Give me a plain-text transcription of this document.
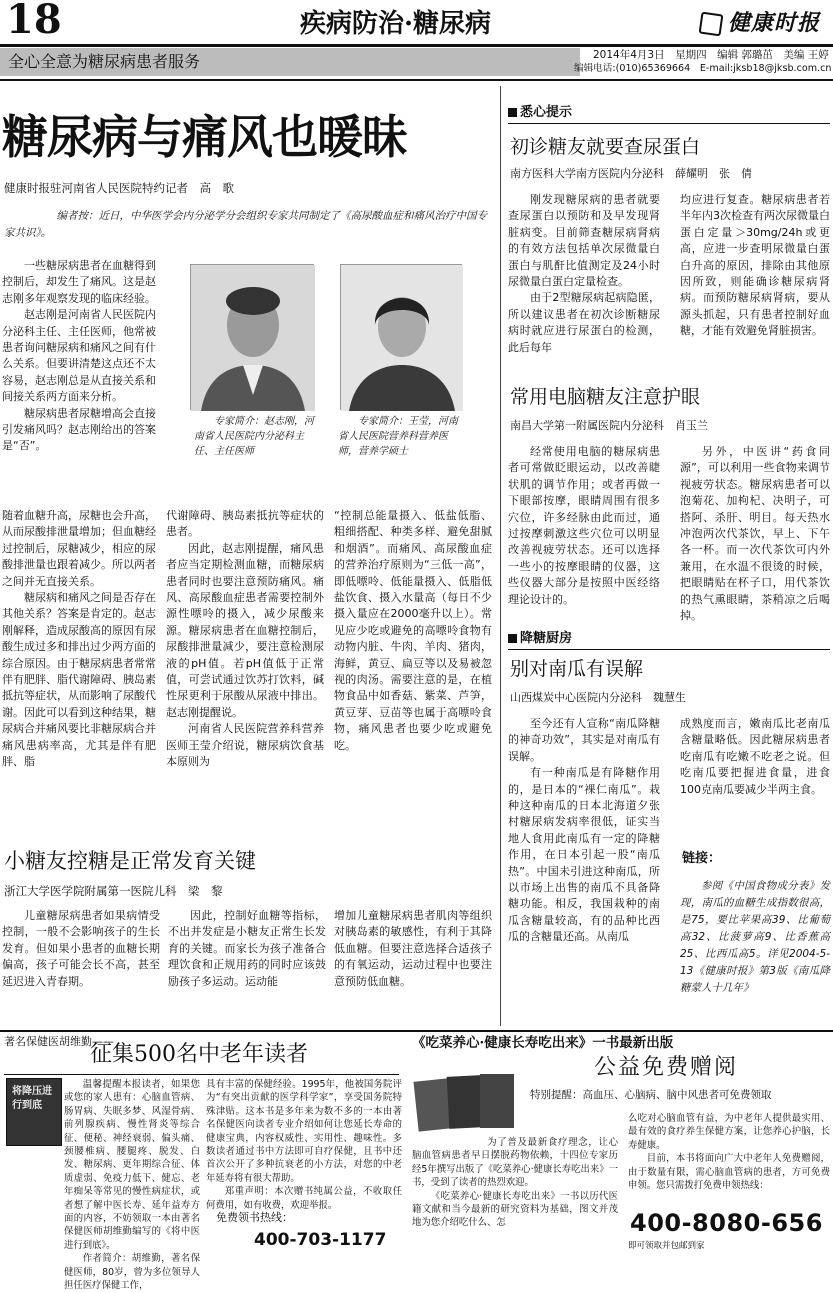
18	疾病防治·糖尿病	健康时报
全心全意为糖尿病患者服务	2014年4月3日　星期四　编辑 郭璐茁　美编 王婷
编辑电话:(010)65369664　E-mail:jksb18@jksb.com.cn
糖尿病与痛风也暖昧
健康时报驻河南省人民医院特约记者　高　歌
编者按：近日，中华医学会内分泌学分会组织专家共同制定了《高尿酸血症和痛风治疗中国专家共识》。
专家简介：赵志刚，河南省人民医院内分泌科主任、主任医师
专家简介：王莹，河南省人民医院营养科营养医师，营养学硕士

一些糖尿病患者在血糖得到控制后，却发生了痛风。这是赵志刚多年观察发现的临床经验。

赵志刚是河南省人民医院内分泌科主任、主任医师，他常被患者询问糖尿病和痛风之间有什么关系。但要讲清楚这点还不太容易，赵志刚总是从直接关系和间接关系两方面来分析。

糖尿病患者尿糖增高会直接引发痛风吗？赵志刚给出的答案是“否”。

随着血糖升高，尿糖也会升高，从而尿酸排泄量增加；但血糖经过控制后，尿糖减少，相应的尿酸排泄量也跟着减少。所以两者之间并无直接关系。

糖尿病和痛风之间是否存在其他关系？答案是肯定的。赵志刚解释，造成尿酸高的原因有尿酸生成过多和排出过少两方面的综合原因。由于糖尿病患者常常伴有肥胖、脂代谢障碍、胰岛素抵抗等症状，从而影响了尿酸代谢。因此可以看到这种结果，糖尿病合并痛风要比非糖尿病合并痛风患病率高，尤其是伴有肥胖、脂

代谢障碍、胰岛素抵抗等症状的患者。

因此，赵志刚提醒，痛风患者应当定期检测血糖，而糖尿病患者同时也要注意预防痛风。痛风、高尿酸血症患者需要控制外源性嘌呤的摄入，减少尿酸来源。糖尿病患者在血糖控制后，尿酸排泄量减少，要注意检测尿液的pH值。若pH值低于正常值，可尝试通过饮苏打饮料，碱性尿更利于尿酸从尿液中排出。赵志刚提醒说。

河南省人民医院营养科营养医师王莹介绍说，糖尿病饮食基本原则为

“控制总能量摄入、低盐低脂、粗细搭配、种类多样、避免甜腻和烟酒”。而痛风、高尿酸血症的营养治疗原则为“三低一高”，即低嘌呤、低能量摄入、低脂低盐饮食、摄入水量高（每日不少摄入量应在2000毫升以上）。常见应少吃或避免的高嘌呤食物有动物内脏、牛肉、羊肉、猪肉，海鲜，黄豆、扁豆等以及易被忽视的肉汤。需要注意的是，在植物食品中如香菇、紫菜、芦笋，黄豆芽、豆苗等也属于高嘌呤食物，痛风患者也要少吃或避免吃。

小糖友控糖是正常发育关键
浙江大学医学院附属第一医院儿科　梁　黎

儿童糖尿病患者如果病情受控制，一般不会影响孩子的生长发育。但如果小患者的血糖长期偏高，孩子可能会长不高，甚至延迟进入青春期。

因此，控制好血糖等指标，不出并发症是小糖友正常生长发育的关键。而家长为孩子准备合理饮食和正规用药的同时应该鼓励孩子多运动。运动能

增加儿童糖尿病患者肌肉等组织对胰岛素的敏感性，有利于其降低血糖。但要注意选择合适孩子的有氧运动，运动过程中也要注意预防低血糖。

悉心提示
初诊糖友就要查尿蛋白
南方医科大学南方医院内分泌科　薛耀明　张　倩

刚发现糖尿病的患者就要查尿蛋白以预防和及早发现肾脏病变。目前筛查糖尿病肾病的有效方法包括单次尿微量白蛋白与肌酐比值测定及24小时尿微量白蛋白定量检查。

由于2型糖尿病起病隐匿，所以建议患者在初次诊断糖尿病时就应进行尿蛋白的检测，此后每年

均应进行复查。糖尿病患者若半年内3次检查有两次尿微量白蛋白定量＞30mg/24h或更高，应进一步查明尿微量白蛋白升高的原因，排除由其他原因所致，则能确诊糖尿病肾病。而预防糖尿病肾病，要从源头抓起，只有患者控制好血糖，才能有效避免肾脏损害。

常用电脑糖友注意护眼
南昌大学第一附属医院内分泌科　肖玉兰

经常使用电脑的糖尿病患者可常做眨眼运动，以改善睫状肌的调节作用；或者再做一下眼部按摩，眼睛周围有很多穴位，许多经脉由此而过，通过按摩刺激这些穴位可以明显改善视疲劳状态。还可以选择一些小的按摩眼睛的仪器，这些仪器大部分是按照中医经络理论设计的。

另外，中医讲“药食同源”，可以利用一些食物来调节视疲劳状态。糖尿病患者可以泡菊花、加枸杞、决明子，可搭阿、杀肝、明目。每天热水冲泡两次代茶饮，早上、下午各一杯。而一次代茶饮可内外兼用，在水温不很烫的时候，把眼睛贴在杯子口，用代茶饮的热气熏眼睛，茶稍凉之后喝掉。

降糖厨房
别对南瓜有误解
山西煤炭中心医院内分泌科　魏慧生

至今还有人宣称“南瓜降糖的神奇功效”，其实是对南瓜有误解。

有一种南瓜是有降糖作用的，是日本的“裸仁南瓜”。栽种这种南瓜的日本北海道夕张村糖尿病发病率很低，证实当地人食用此南瓜有一定的降糖作用，在日本引起一股“南瓜热”。中国未引进这种南瓜，所以市场上出售的南瓜不具备降糖功能。相反，我国栽种的南瓜含糖量较高，有的品种比西瓜的含糖量还高。从南瓜

成熟度而言，嫩南瓜比老南瓜含糖量略低。因此糖尿病患者吃南瓜有吃嫩不吃老之说。但吃南瓜要把握进食量，进食100克南瓜要减少半两主食。

链接：

参阅《中国食物成分表》发现，南瓜的血糖生成指数很高，是75，要比苹果高39、比葡萄高32、比菠萝高9、比香蕉高25、比西瓜高5。详见2004-5-13《健康时报》第3版《南瓜降糖蒙人十几年》

著名保健医胡维勤——
征集500名中老年读者
将降压进行到底

温馨提醒本报读者，如果您或您的家人患有：心脑血管病、肠胃病、失眠多梦、风湿骨病、前列腺疾病、慢性肾炎等综合征、便秘、神经衰弱、偏头痛、颈腰椎病、腰腿疼、脱发、白发、糖尿病、更年期综合征、体质虚弱、免疫力低下、健忘、老年痴呆等常见的慢性病症状，或者想了解中医长寿、延年益寿方面的内容，不妨领取一本由著名保健医师胡维勤编写的《将中医进行到底》。

作者简介：胡维勤，著名保健医师，80岁，曾为多位领导人担任医疗保健工作，

具有丰富的保健经验。1995年，他被国务院评为“有突出贡献的医学科学家”，享受国务院特殊津贴。这本书是多年来为数不多的一本由著名保健医向读者专业介绍如何让您延长寿命的健康宝典，内容权威性、实用性、趣味性。多数读者通过书中方法即可自疗保健，且书中还首次公开了多种抗衰老的小方法，对您的中老年延寿将有很大帮助。

郑重声明：本次赠书纯属公益，不收取任何费用，如有收费，欢迎举报。

免费领书热线：
400-703-1177
《吃菜养心·健康长寿吃出来》一书最新出版
公益免费赠阅
特别提醒：高血压、心脑病、脑中风患者可免费领取

为了普及最新食疗理念，让心脑血管病患者早日摆脱药物依赖，十四位专家历经5年撰写出版了《吃菜养心·健康长寿吃出来》一书，受到了读者的热烈欢迎。

《吃菜养心·健康长寿吃出来》一书以历代医籍文献和当今最新的研究资料为基础，图文并茂地为您介绍吃什么、怎

么吃对心脑血管有益，为中老年人提供最实用、最有效的食疗养生保健方案，让您养心护脑，长寿健康。

目前，本书将面向广大中老年人免费赠阅，由于数量有限，需心脑血管病的患者，方可免费申领。您只需拨打免费申领热线：

400-8080-656
即可领取并包邮到家
